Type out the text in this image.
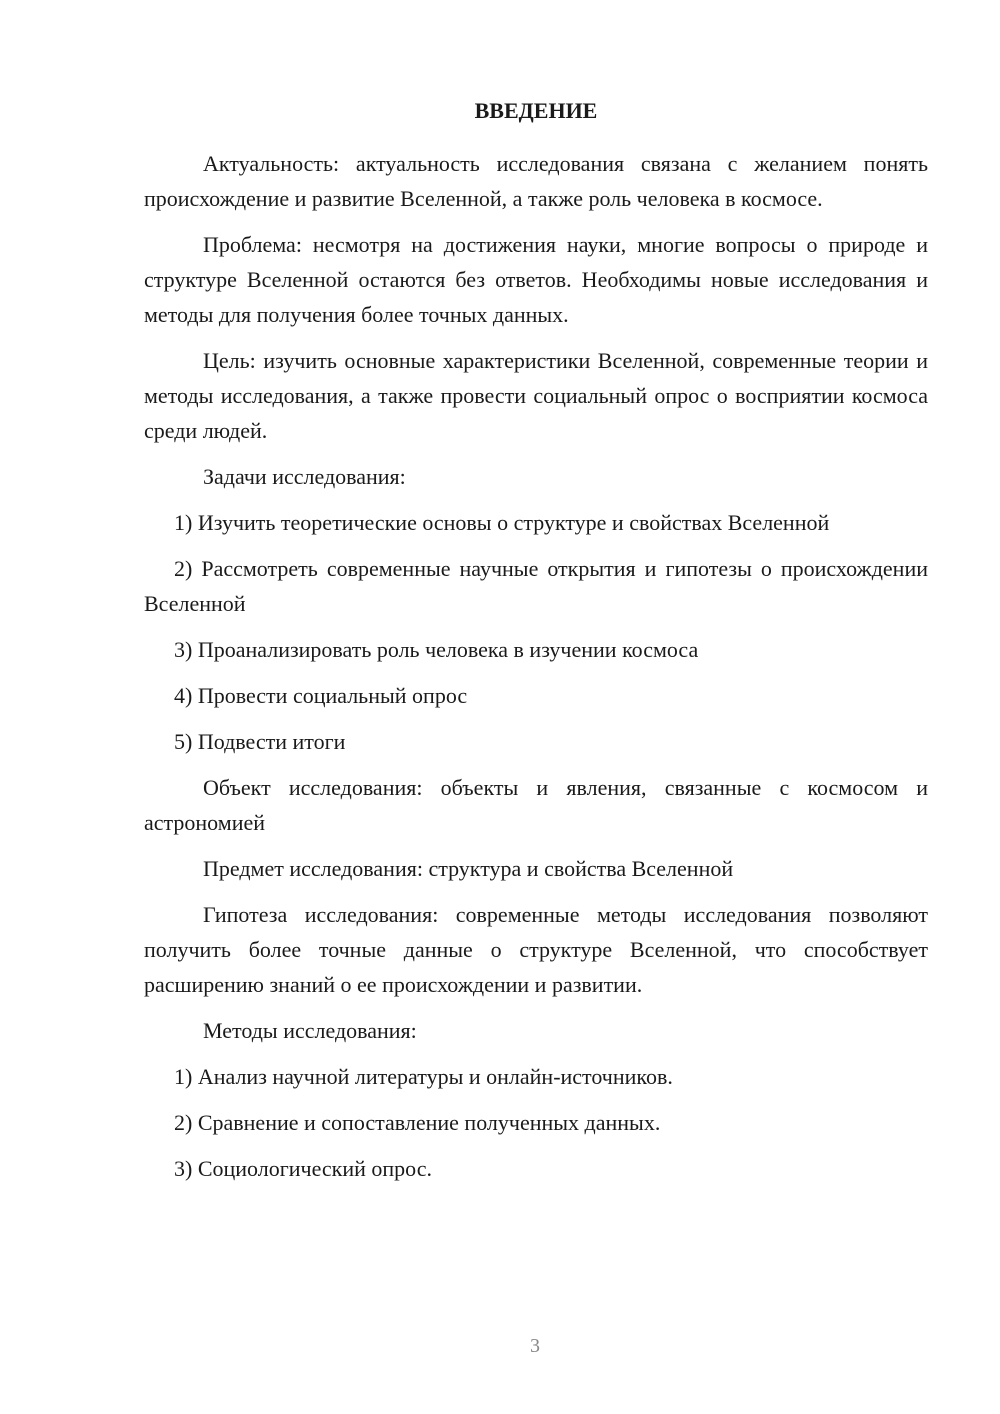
ВВЕДЕНИЕ

Актуальность: актуальность исследования связана с желанием понять происхождение и развитие Вселенной, а также роль человека в космосе.

Проблема: несмотря на достижения науки, многие вопросы о природе и структуре Вселенной остаются без ответов. Необходимы новые исследования и методы для получения более точных данных.

Цель: изучить основные характеристики Вселенной, современные теории и методы исследования, а также провести социальный опрос о восприятии космоса среди людей.

Задачи исследования:

1) Изучить теоретические основы о структуре и свойствах Вселенной

2) Рассмотреть современные научные открытия и гипотезы о происхождении Вселенной

3) Проанализировать роль человека в изучении космоса

4) Провести социальный опрос

5) Подвести итоги

Объект исследования: объекты и явления, связанные с космосом и астрономией

Предмет исследования: структура и свойства Вселенной

Гипотеза исследования: современные методы исследования позволяют получить более точные данные о структуре Вселенной, что способствует расширению знаний о ее происхождении и развитии.

Методы исследования:

1) Анализ научной литературы и онлайн-источников.

2) Сравнение и сопоставление полученных данных.

3) Социологический опрос.

3
